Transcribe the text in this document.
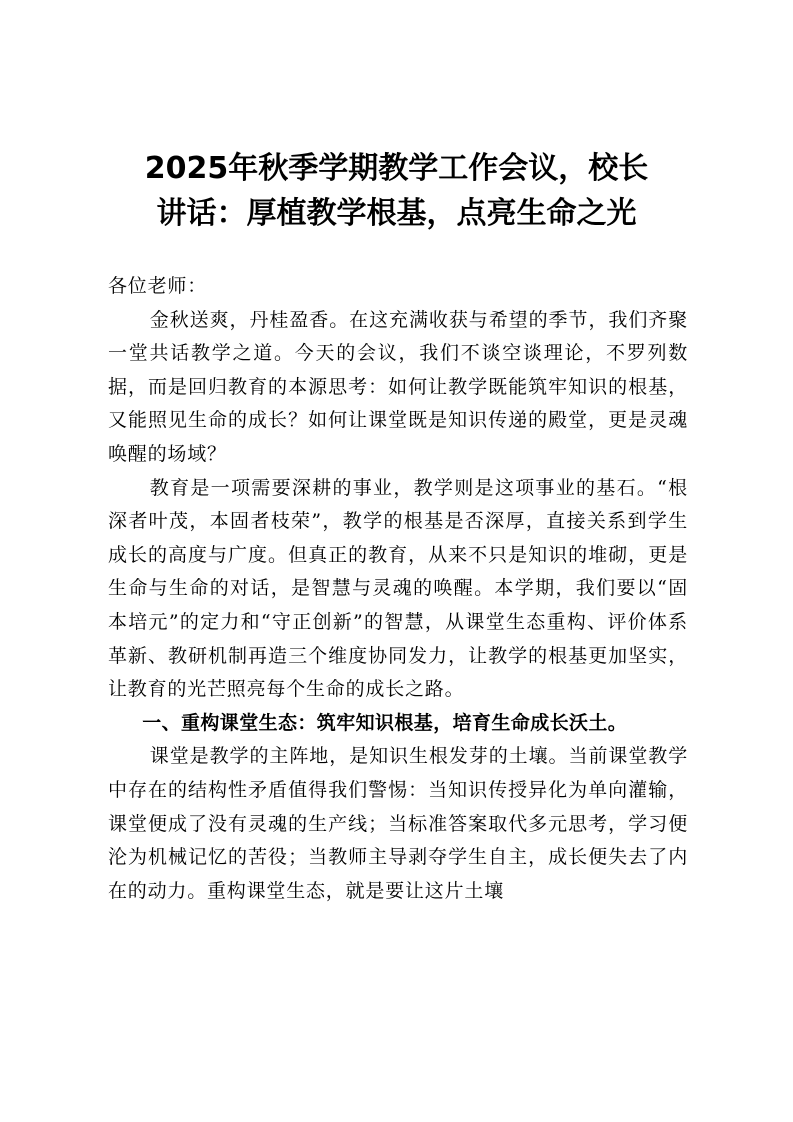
2025年秋季学期教学工作会议，校长
讲话：厚植教学根基，点亮生命之光

各位老师：

金秋送爽，丹桂盈香。在这充满收获与希望的季节，我们齐聚一堂共话教学之道。今天的会议，我们不谈空谈理论，不罗列数据，而是回归教育的本源思考：如何让教学既能筑牢知识的根基，又能照见生命的成长？如何让课堂既是知识传递的殿堂，更是灵魂唤醒的场域？

教育是一项需要深耕的事业，教学则是这项事业的基石。“根深者叶茂，本固者枝荣”，教学的根基是否深厚，直接关系到学生成长的高度与广度。但真正的教育，从来不只是知识的堆砌，更是生命与生命的对话，是智慧与灵魂的唤醒。本学期，我们要以“固本培元”的定力和“守正创新”的智慧，从课堂生态重构、评价体系革新、教研机制再造三个维度协同发力，让教学的根基更加坚实，让教育的光芒照亮每个生命的成长之路。

一、重构课堂生态：筑牢知识根基，培育生命成长沃土。

课堂是教学的主阵地，是知识生根发芽的土壤。当前课堂教学中存在的结构性矛盾值得我们警惕：当知识传授异化为单向灌输，课堂便成了没有灵魂的生产线；当标准答案取代多元思考，学习便沦为机械记忆的苦役；当教师主导剥夺学生自主，成长便失去了内在的动力。重构课堂生态，就是要让这片土壤
